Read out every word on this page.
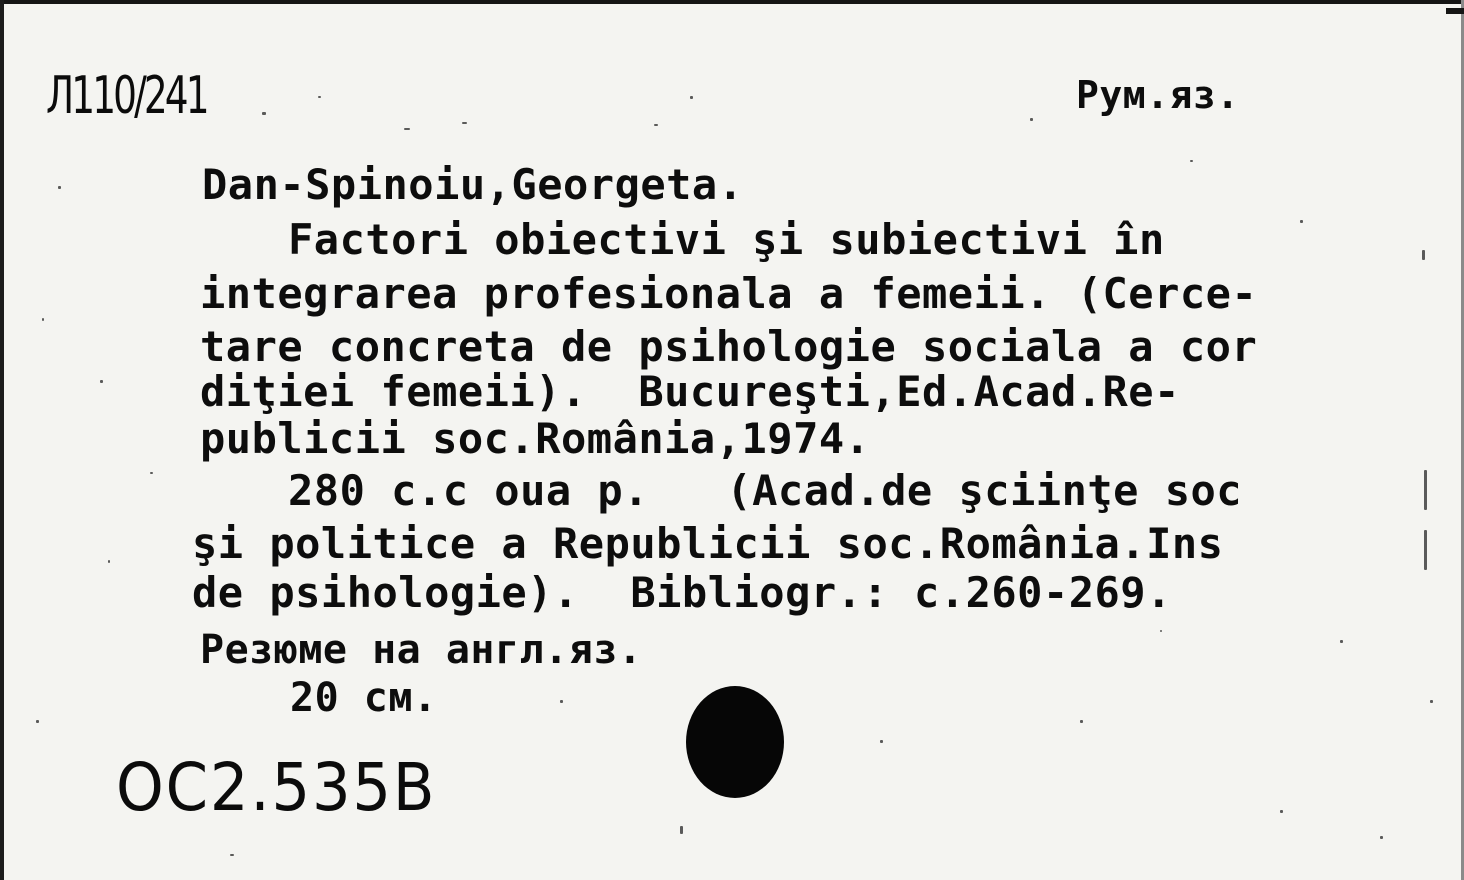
Л110/241	Рум.яз.
Dan-Spinoiu,Georgeta.
Factori obiectivi şi subiectivi în
integrarea profesionala a femeii. (Cerce-
tare concreta de psihologie sociala a cor
diţiei femeii).  Bucureşti,Ed.Acad.Re-
publicii soc.România,1974.
280 c.c oua p.   (Acad.de şciinţe soc
şi politice a Republicii soc.România.Ins
de psihologie).  Bibliogr.: c.260-269.
Резюме на англ.яз.
20 см.
OC2.535B
